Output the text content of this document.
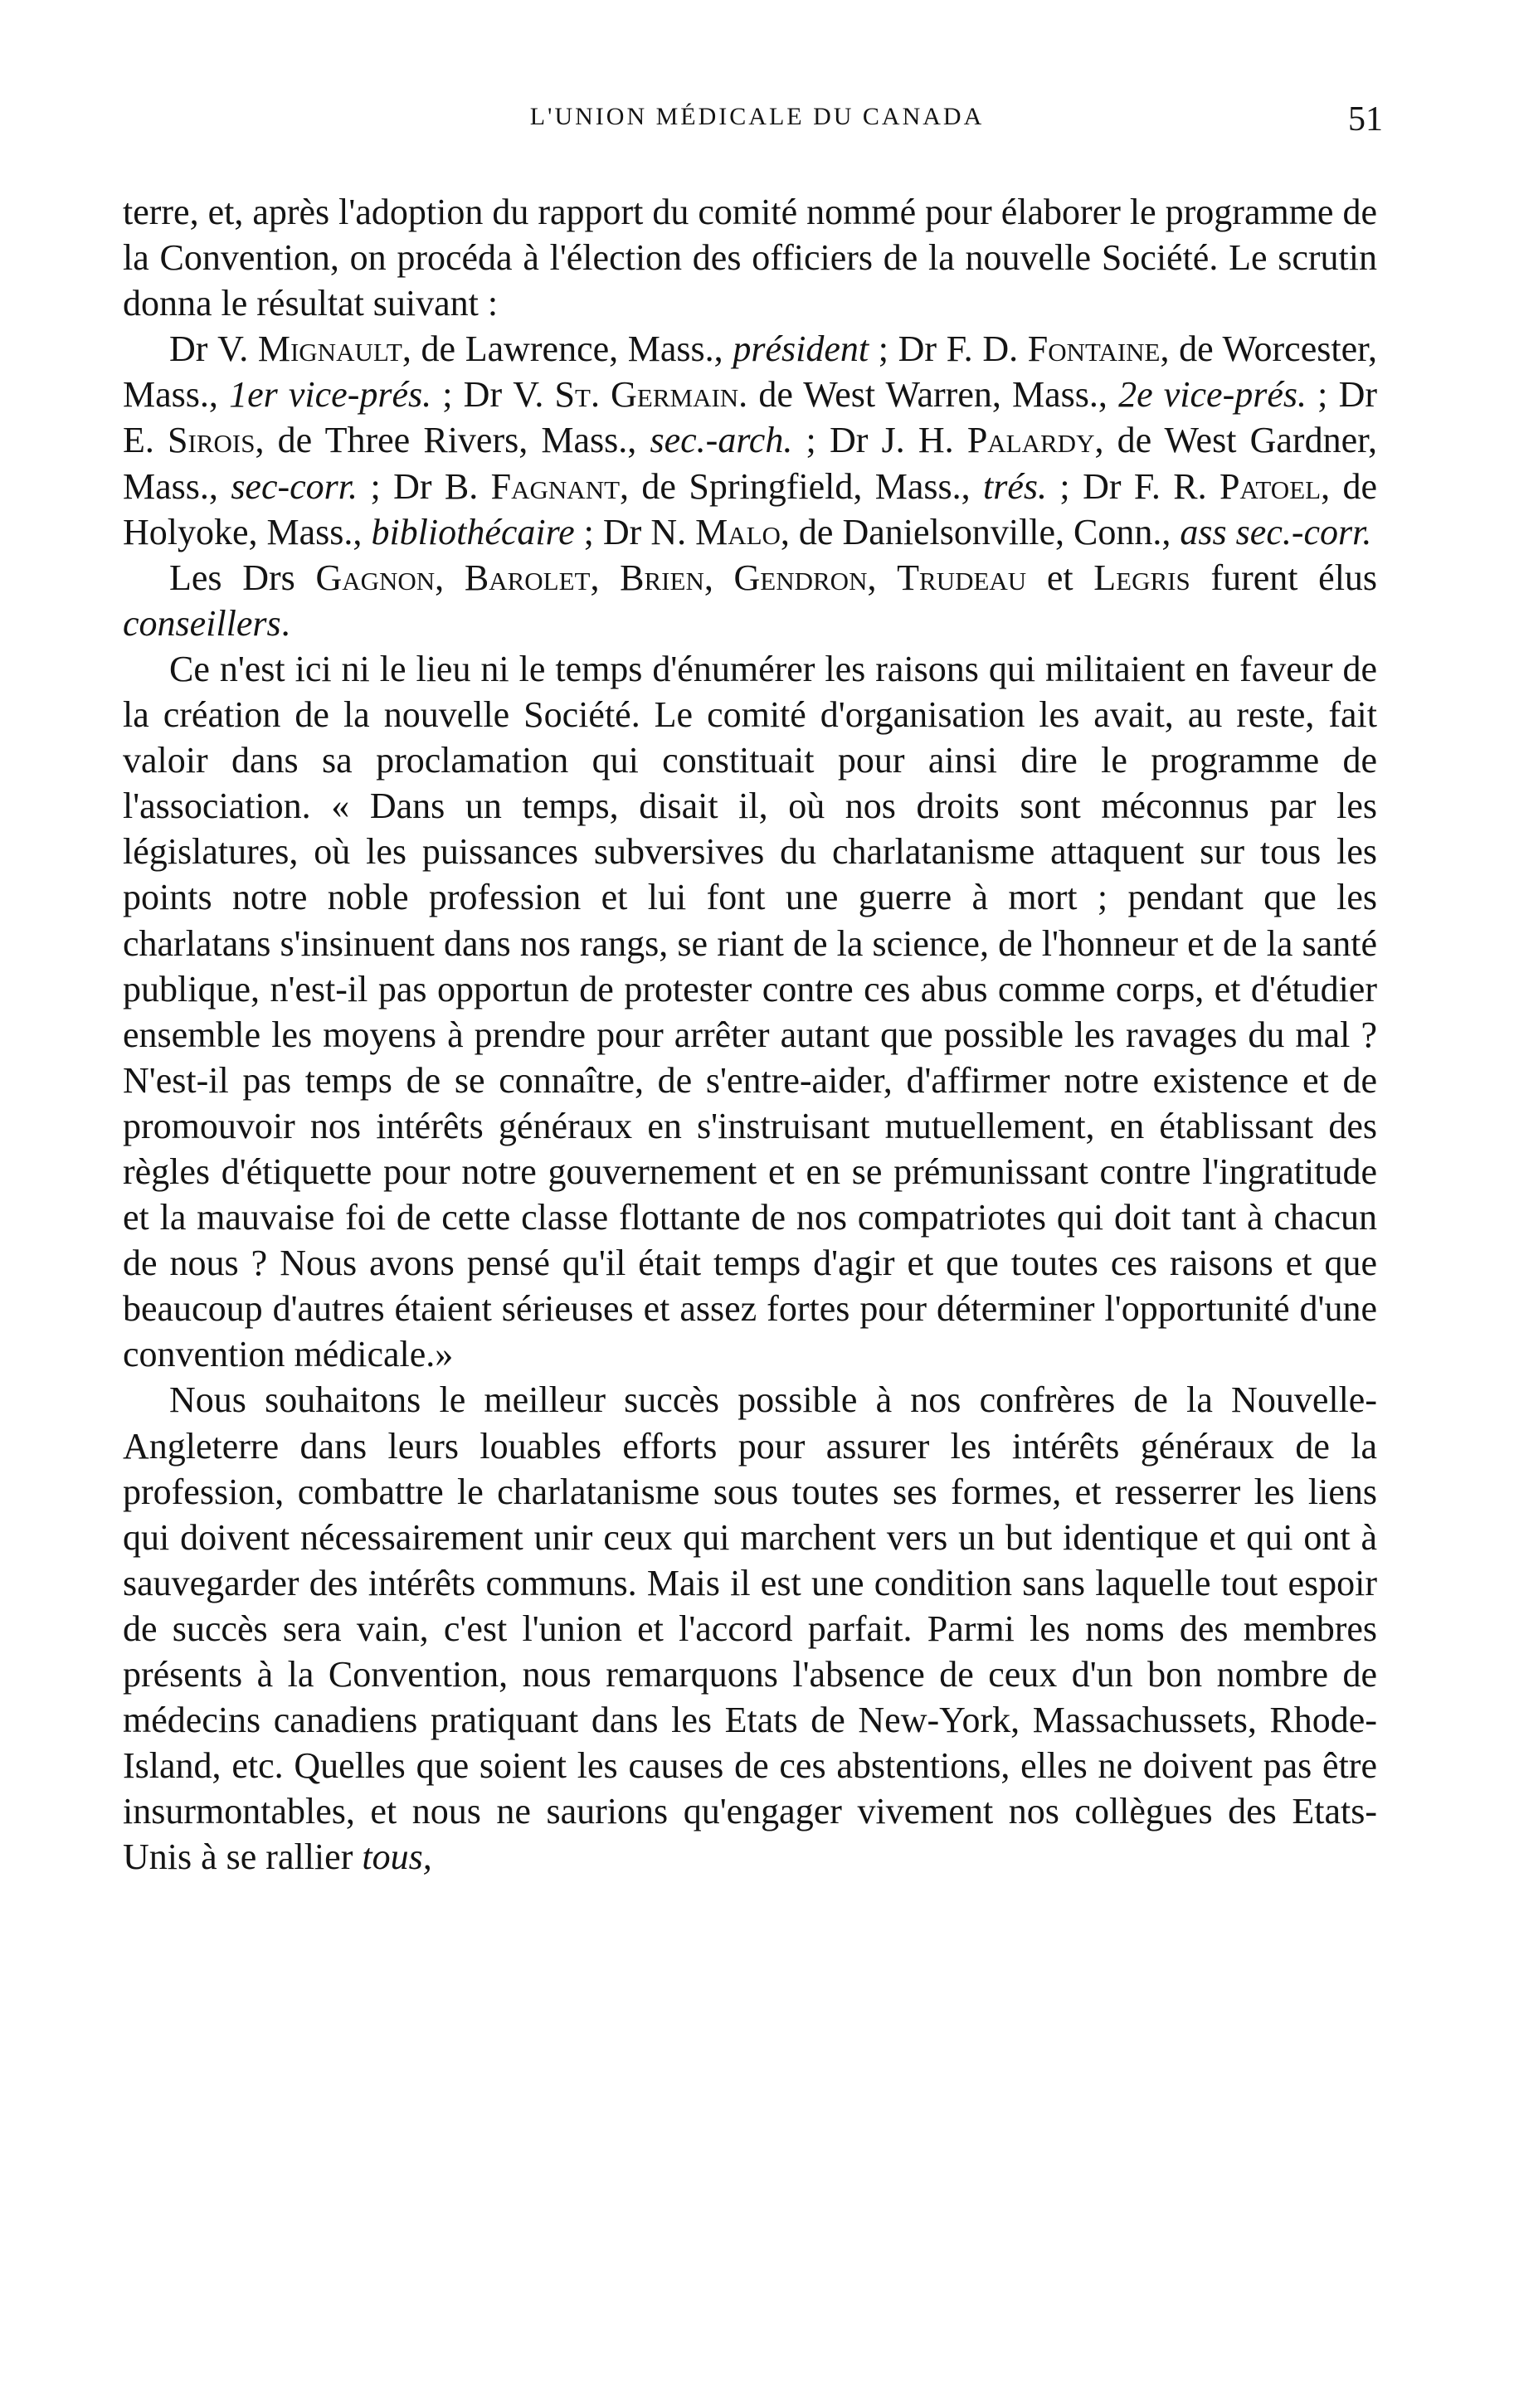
L'UNION MÉDICALE DU CANADA	51

terre, et, après l'adoption du rapport du comité nommé pour élaborer le programme de la Convention, on procéda à l'élection des officiers de la nouvelle Société. Le scrutin donna le résultat suivant :

Dr V. Mignault, de Lawrence, Mass., président ; Dr F. D. Fontaine, de Worcester, Mass., 1er vice-prés. ; Dr V. St. Germain. de West Warren, Mass., 2e vice-prés. ; Dr E. Sirois, de Three Rivers, Mass., sec.-arch. ; Dr J. H. Palardy, de West Gardner, Mass., sec-corr. ; Dr B. Fagnant, de Springfield, Mass., trés. ; Dr F. R. Patoel, de Holyoke, Mass., bibliothécaire ; Dr N. Malo, de Danielsonville, Conn., ass sec.-corr.

Les Drs Gagnon, Barolet, Brien, Gendron, Trudeau et Legris furent élus conseillers.

Ce n'est ici ni le lieu ni le temps d'énumérer les raisons qui militaient en faveur de la création de la nouvelle Société. Le comité d'organisation les avait, au reste, fait valoir dans sa proclamation qui constituait pour ainsi dire le programme de l'association. « Dans un temps, disait il, où nos droits sont méconnus par les législatures, où les puissances subversives du charlatanisme attaquent sur tous les points notre noble profession et lui font une guerre à mort ; pendant que les charlatans s'insinuent dans nos rangs, se riant de la science, de l'honneur et de la santé publique, n'est-il pas opportun de protester contre ces abus comme corps, et d'étudier ensemble les moyens à prendre pour arrêter autant que possible les ravages du mal ? N'est-il pas temps de se connaître, de s'entre-aider, d'affirmer notre existence et de promouvoir nos intérêts généraux en s'instruisant mutuellement, en établissant des règles d'étiquette pour notre gouvernement et en se prémunissant contre l'ingratitude et la mauvaise foi de cette classe flottante de nos compatriotes qui doit tant à chacun de nous ? Nous avons pensé qu'il était temps d'agir et que toutes ces raisons et que beaucoup d'autres étaient sérieuses et assez fortes pour déterminer l'opportunité d'une convention médicale.»

Nous souhaitons le meilleur succès possible à nos confrères de la Nouvelle-Angleterre dans leurs louables efforts pour assurer les intérêts généraux de la profession, combattre le charlatanisme sous toutes ses formes, et resserrer les liens qui doivent nécessairement unir ceux qui marchent vers un but identique et qui ont à sauvegarder des intérêts communs. Mais il est une condition sans laquelle tout espoir de succès sera vain, c'est l'union et l'accord parfait. Parmi les noms des membres présents à la Convention, nous remarquons l'absence de ceux d'un bon nombre de médecins canadiens pratiquant dans les Etats de New-York, Massachussets, Rhode-Island, etc. Quelles que soient les causes de ces abstentions, elles ne doivent pas être insurmontables, et nous ne saurions qu'engager vivement nos collègues des Etats-Unis à se rallier tous,
